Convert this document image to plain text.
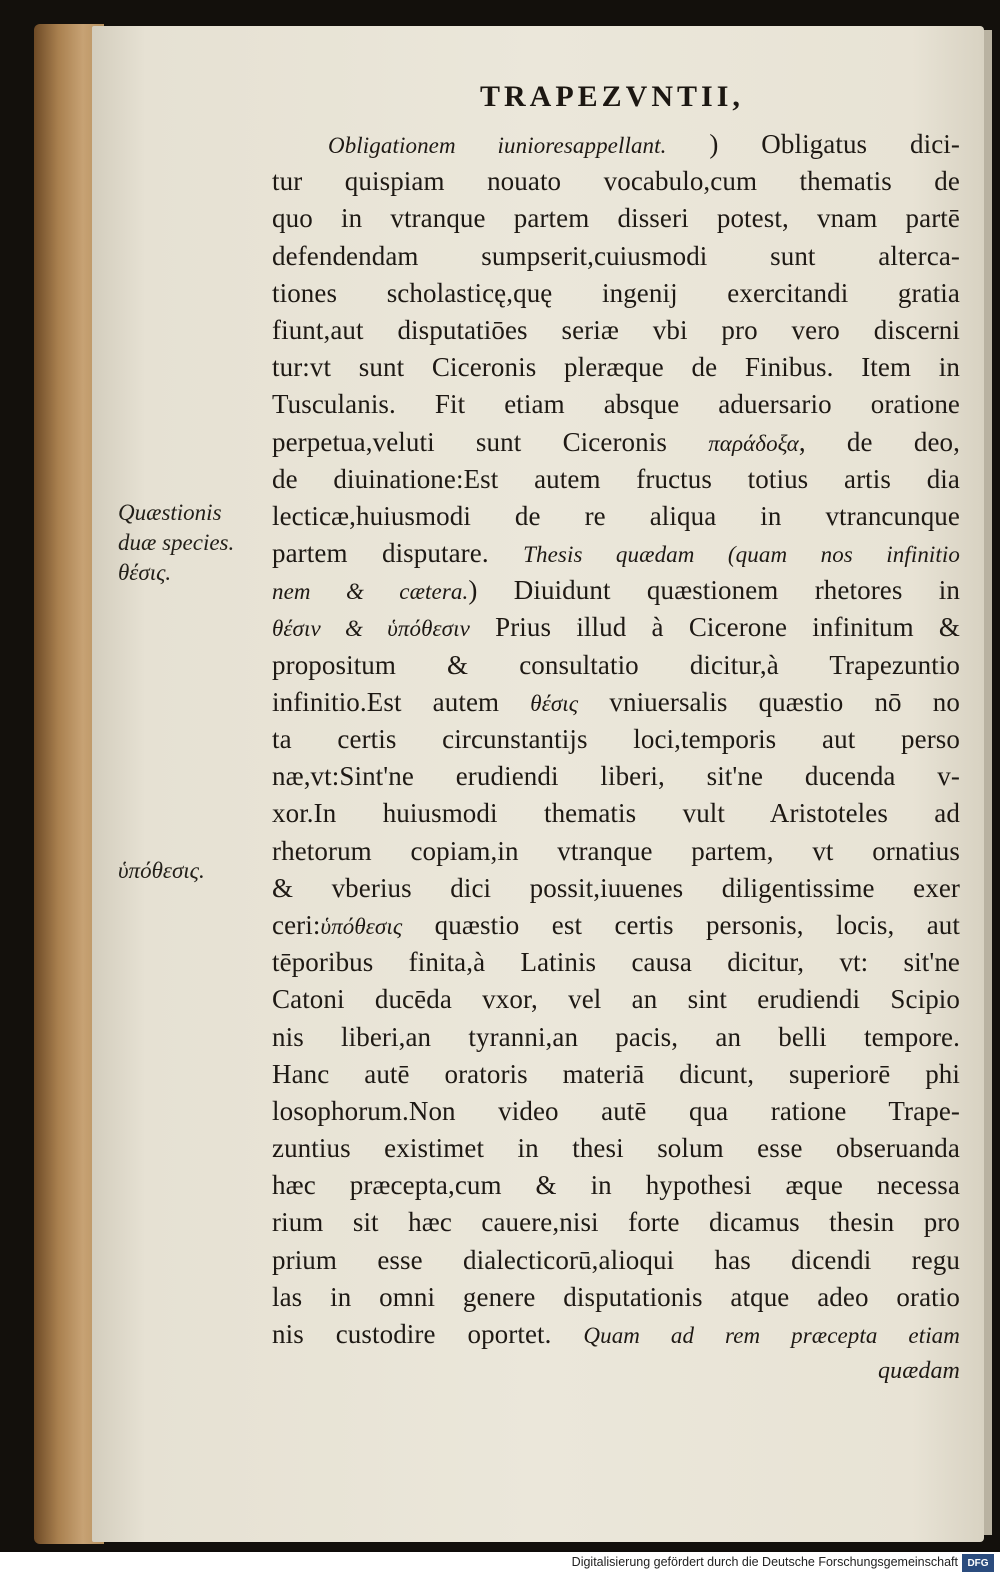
TRAPEZVNTII,
Quæstionis
duæ species.
θέσις.
ὑπόθεσις.
Obligationem iunioresappellant. ) Obligatus dici-
tur quispiam nouato vocabulo,cum thematis de
quo in vtranque partem disseri potest, vnam partē
defendendam sumpserit,cuiusmodi sunt alterca-
tiones scholasticę,quę ingenij exercitandi gratia
fiunt,aut disputatiōes seriæ vbi pro vero discerni
tur:vt sunt Ciceronis pleræque de Finibus. Item in
Tusculanis. Fit etiam absque aduersario oratione
perpetua,veluti sunt Ciceronis παράδοξα, de deo,
de diuinatione:Est autem fructus totius artis dia
lecticæ,huiusmodi de re aliqua in vtrancunque
partem disputare. Thesis quædam (quam nos infinitio
nem & cætera.) Diuidunt quæstionem rhetores in
θέσιν & ὑπόθεσιν Prius illud à Cicerone infinitum &
propositum & consultatio dicitur,à Trapezuntio
infinitio.Est autem θέσις vniuersalis quæstio nō no
ta certis circunstantijs loci,temporis aut perso
næ,vt:Sint'ne erudiendi liberi, sit'ne ducenda v-
xor.In huiusmodi thematis vult Aristoteles ad
rhetorum copiam,in vtranque partem, vt ornatius
& vberius dici possit,iuuenes diligentissime exer
ceri:ὑπόθεσις quæstio est certis personis, locis, aut
tēporibus finita,à Latinis causa dicitur, vt: sit'ne
Catoni ducēda vxor, vel an sint erudiendi Scipio
nis liberi,an tyranni,an pacis, an belli tempore.
Hanc autē oratoris materiā dicunt, superiorē phi
losophorum.Non video autē qua ratione Trape-
zuntius existimet in thesi solum esse obseruanda
hæc præcepta,cum & in hypothesi æque necessa
rium sit hæc cauere,nisi forte dicamus thesin pro
prium esse dialecticorū,alioqui has dicendi regu
las in omni genere disputationis atque adeo oratio
nis custodire oportet. Quam ad rem præcepta etiam
quædam
Digitalisierung gefördert durch die Deutsche Forschungsgemeinschaft DFG
